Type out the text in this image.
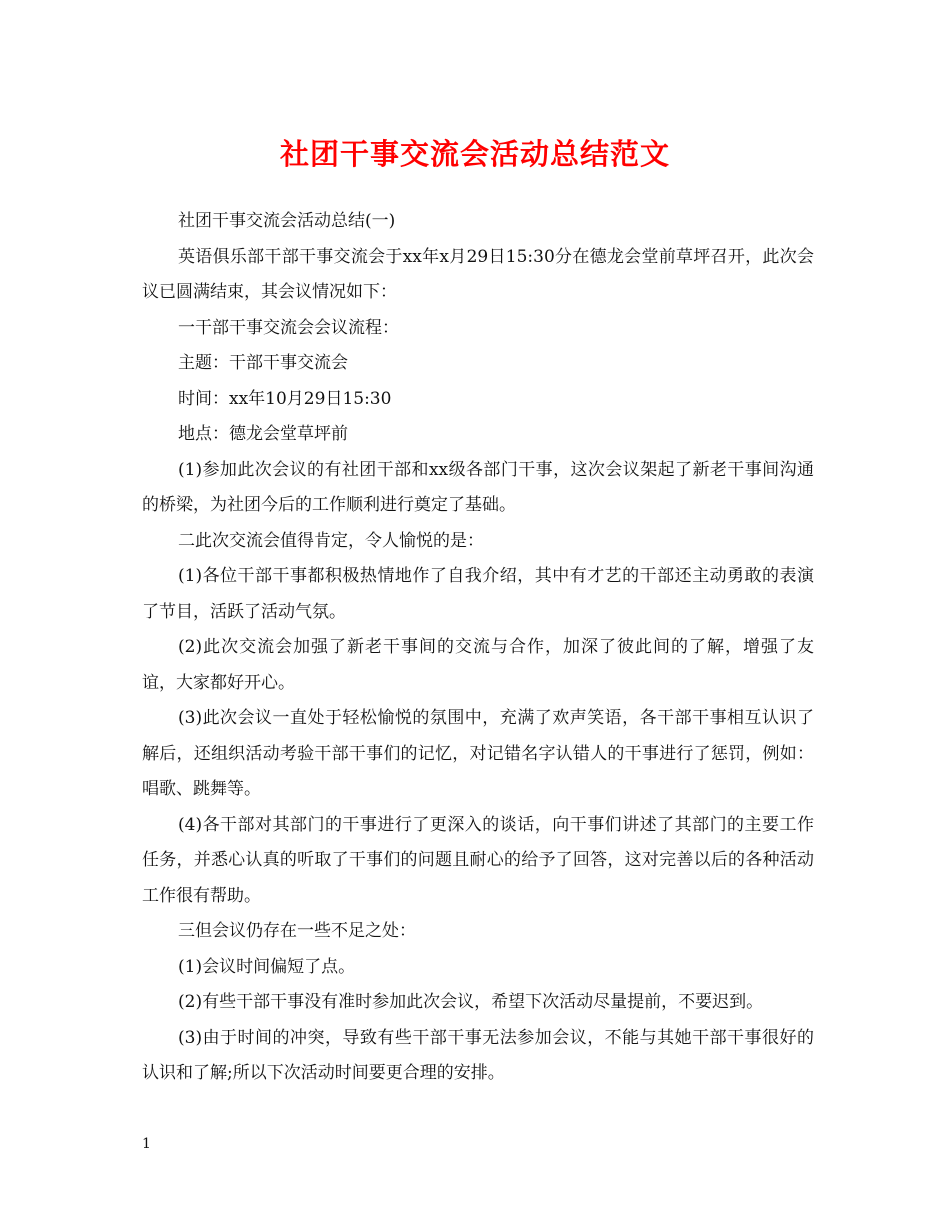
社团干事交流会活动总结范文

社团干事交流会活动总结(一)

英语俱乐部干部干事交流会于xx年x月29日15:30分在德龙会堂前草坪召开，此次会议已圆满结束，其会议情况如下：

一干部干事交流会会议流程：

主题：干部干事交流会

时间：xx年10月29日15:30

地点：德龙会堂草坪前

(1)参加此次会议的有社团干部和xx级各部门干事，这次会议架起了新老干事间沟通的桥梁，为社团今后的工作顺利进行奠定了基础。

二此次交流会值得肯定，令人愉悦的是：

(1)各位干部干事都积极热情地作了自我介绍，其中有才艺的干部还主动勇敢的表演了节目，活跃了活动气氛。

(2)此次交流会加强了新老干事间的交流与合作，加深了彼此间的了解，增强了友谊，大家都好开心。

(3)此次会议一直处于轻松愉悦的氛围中，充满了欢声笑语，各干部干事相互认识了解后，还组织活动考验干部干事们的记忆，对记错名字认错人的干事进行了惩罚，例如：唱歌、跳舞等。

(4)各干部对其部门的干事进行了更深入的谈话，向干事们讲述了其部门的主要工作任务，并悉心认真的听取了干事们的问题且耐心的给予了回答，这对完善以后的各种活动工作很有帮助。

三但会议仍存在一些不足之处：

(1)会议时间偏短了点。

(2)有些干部干事没有准时参加此次会议，希望下次活动尽量提前，不要迟到。

(3)由于时间的冲突，导致有些干部干事无法参加会议，不能与其她干部干事很好的认识和了解;所以下次活动时间要更合理的安排。

1
